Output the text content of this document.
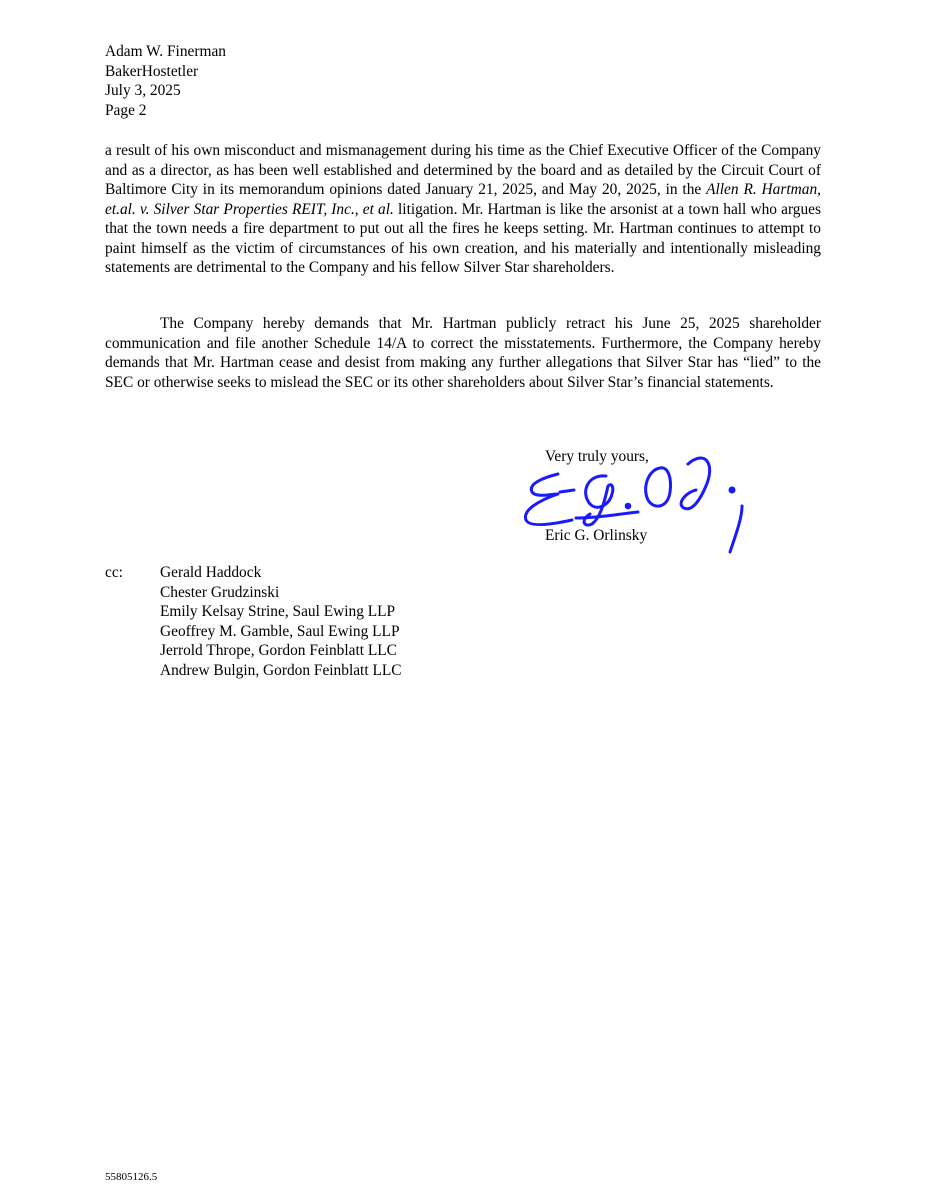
Adam W. Finerman
BakerHostetler
July 3, 2025
Page 2

a result of his own misconduct and mismanagement during his time as the Chief Executive Officer of the Company and as a director, as has been well established and determined by the board and as detailed by the Circuit Court of Baltimore City in its memorandum opinions dated January 21, 2025, and May 20, 2025, in the Allen R. Hartman, et.al. v. Silver Star Properties REIT, Inc., et al. litigation. Mr. Hartman is like the arsonist at a town hall who argues that the town needs a fire department to put out all the fires he keeps setting. Mr. Hartman continues to attempt to paint himself as the victim of circumstances of his own creation, and his materially and intentionally misleading statements are detrimental to the Company and his fellow Silver Star shareholders.

The Company hereby demands that Mr. Hartman publicly retract his June 25, 2025 shareholder communication and file another Schedule 14/A to correct the misstatements. Furthermore, the Company hereby demands that Mr. Hartman cease and desist from making any further allegations that Silver Star has “lied” to the SEC or otherwise seeks to mislead the SEC or its other shareholders about Silver Star’s financial statements.

Very truly yours,
Eric G. Orlinsky
cc: Gerald Haddock
Chester Grudzinski
Emily Kelsay Strine, Saul Ewing LLP
Geoffrey M. Gamble, Saul Ewing LLP
Jerrold Thrope, Gordon Feinblatt LLC
Andrew Bulgin, Gordon Feinblatt LLC
55805126.5
